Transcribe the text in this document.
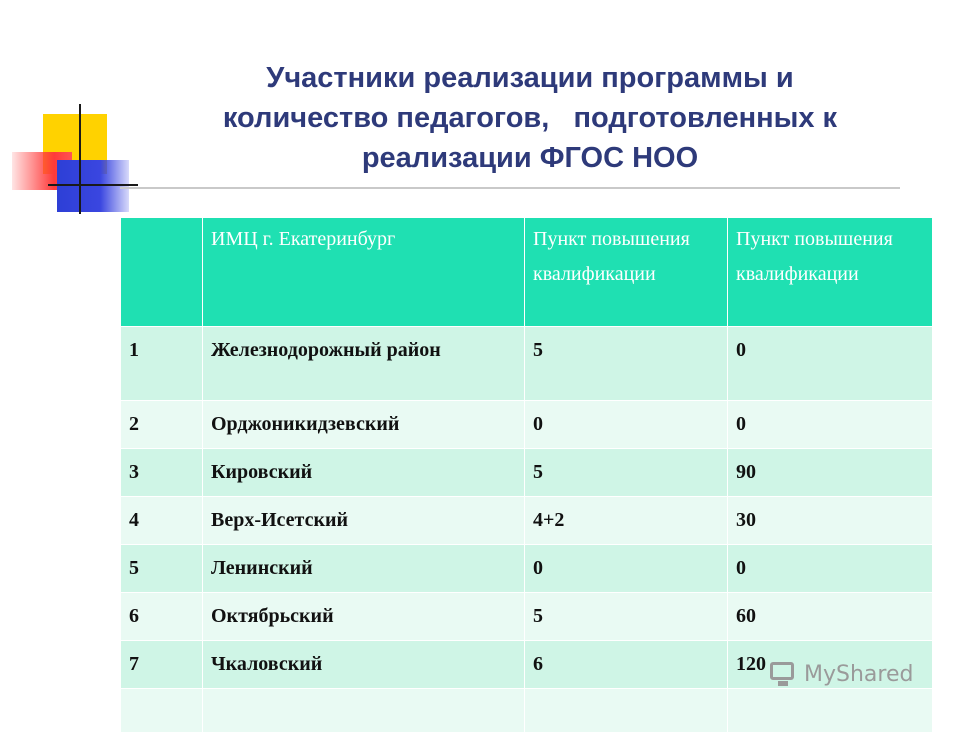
Участники реализации программы и
количество педагогов,   подготовленных к
реализации ФГОС НОО
	ИМЦ г. Екатеринбург	Пункт повышения квалификации	Пункт повышения квалификации
1	Железнодорожный район	5	0
2	Орджоникидзевский	0	0
3	Кировский	5	90
4	Верх-Исетский	4+2	30
5	Ленинский	0	0
6	Октябрьский	5	60
7	Чкаловский	6	120
			MyShared
